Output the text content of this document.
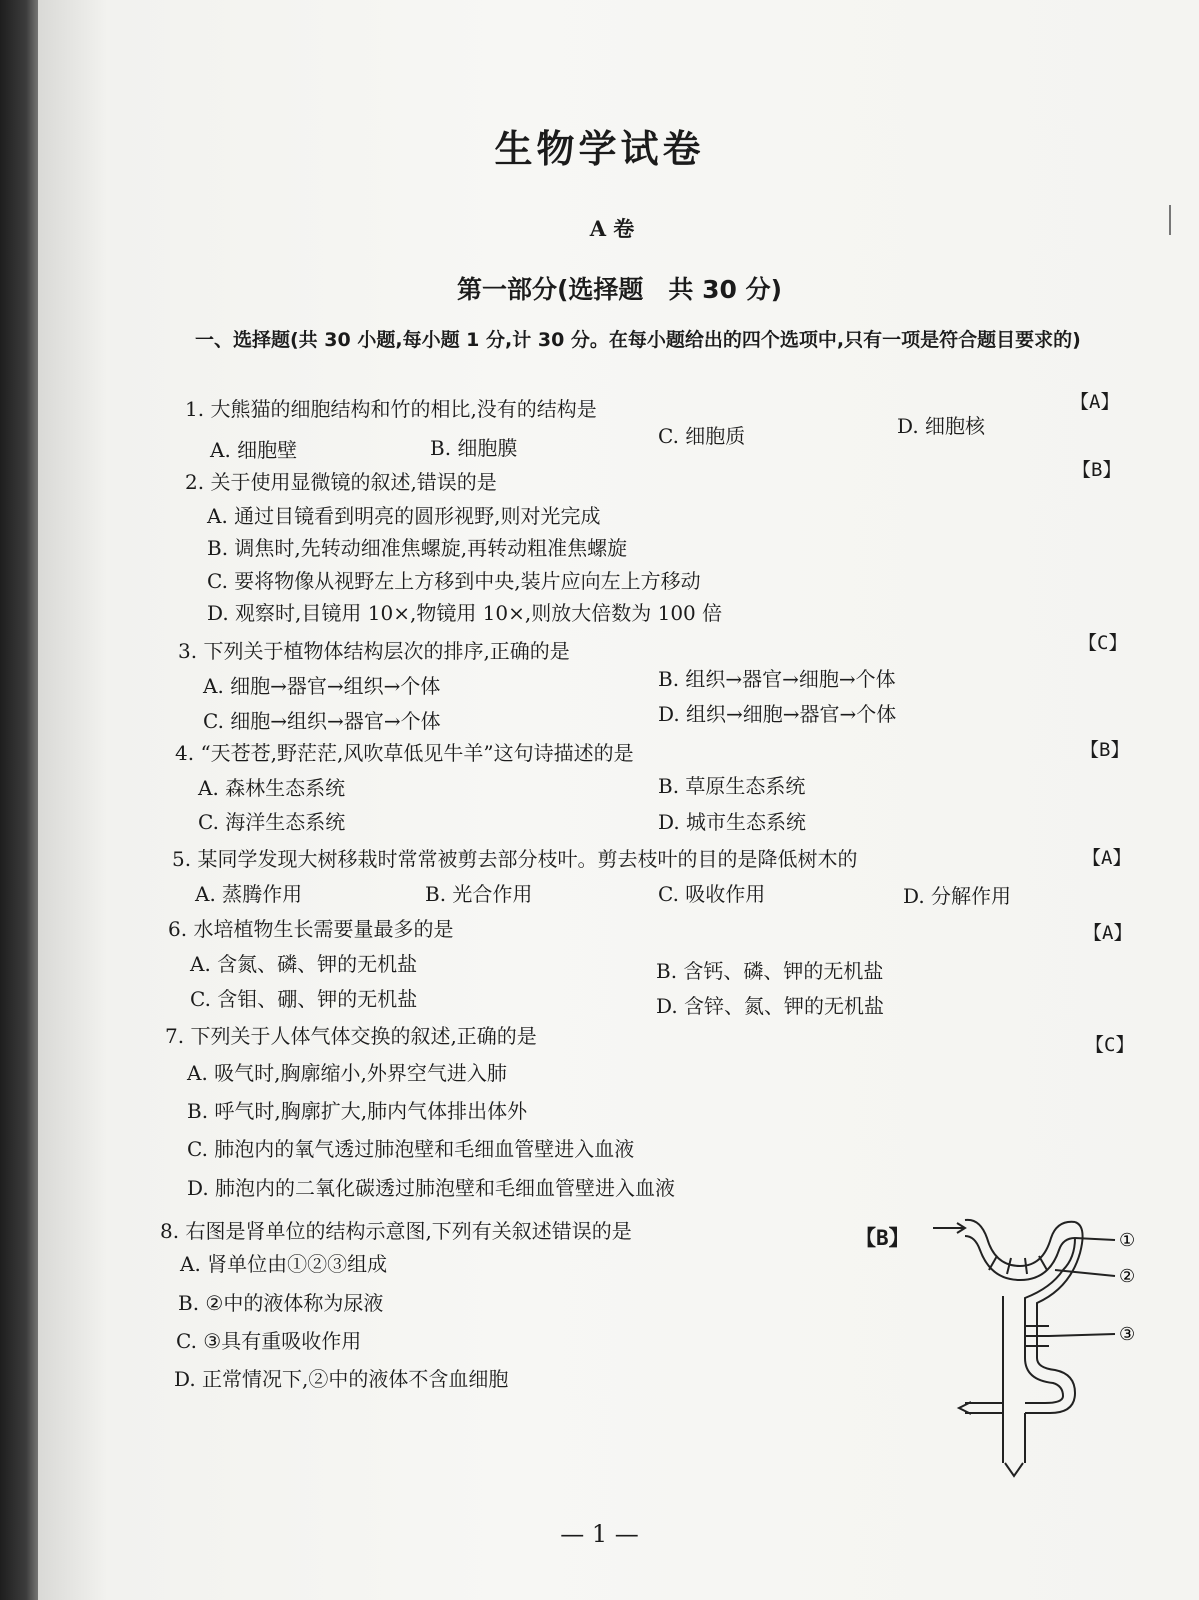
生物学试卷
A 卷
第一部分(选择题　共 30 分)
一、选择题(共 30 小题,每小题 1 分,计 30 分。在每小题给出的四个选项中,只有一项是符合题目要求的)
1. 大熊猫的细胞结构和竹的相比,没有的结构是	【A】
A. 细胞壁	B. 细胞膜	C. 细胞质	D. 细胞核
2. 关于使用显微镜的叙述,错误的是	【B】
A. 通过目镜看到明亮的圆形视野,则对光完成
B. 调焦时,先转动细准焦螺旋,再转动粗准焦螺旋
C. 要将物像从视野左上方移到中央,装片应向左上方移动
D. 观察时,目镜用 10×,物镜用 10×,则放大倍数为 100 倍
3. 下列关于植物体结构层次的排序,正确的是	【C】
A. 细胞→器官→组织→个体	B. 组织→器官→细胞→个体
C. 细胞→组织→器官→个体	D. 组织→细胞→器官→个体
4. “天苍苍,野茫茫,风吹草低见牛羊”这句诗描述的是	【B】
A. 森林生态系统	B. 草原生态系统
C. 海洋生态系统	D. 城市生态系统
5. 某同学发现大树移栽时常常被剪去部分枝叶。剪去枝叶的目的是降低树木的	【A】
A. 蒸腾作用	B. 光合作用	C. 吸收作用	D. 分解作用
6. 水培植物生长需要量最多的是	【A】
A. 含氮、磷、钾的无机盐	B. 含钙、磷、钾的无机盐
C. 含钼、硼、钾的无机盐	D. 含锌、氮、钾的无机盐
7. 下列关于人体气体交换的叙述,正确的是	【C】
A. 吸气时,胸廓缩小,外界空气进入肺
B. 呼气时,胸廓扩大,肺内气体排出体外
C. 肺泡内的氧气透过肺泡壁和毛细血管壁进入血液
D. 肺泡内的二氧化碳透过肺泡壁和毛细血管壁进入血液
8. 右图是肾单位的结构示意图,下列有关叙述错误的是	【B】
A. 肾单位由①②③组成
B. ②中的液体称为尿液
C. ③具有重吸收作用
D. 正常情况下,②中的液体不含血细胞
①
②
③
— 1 —
